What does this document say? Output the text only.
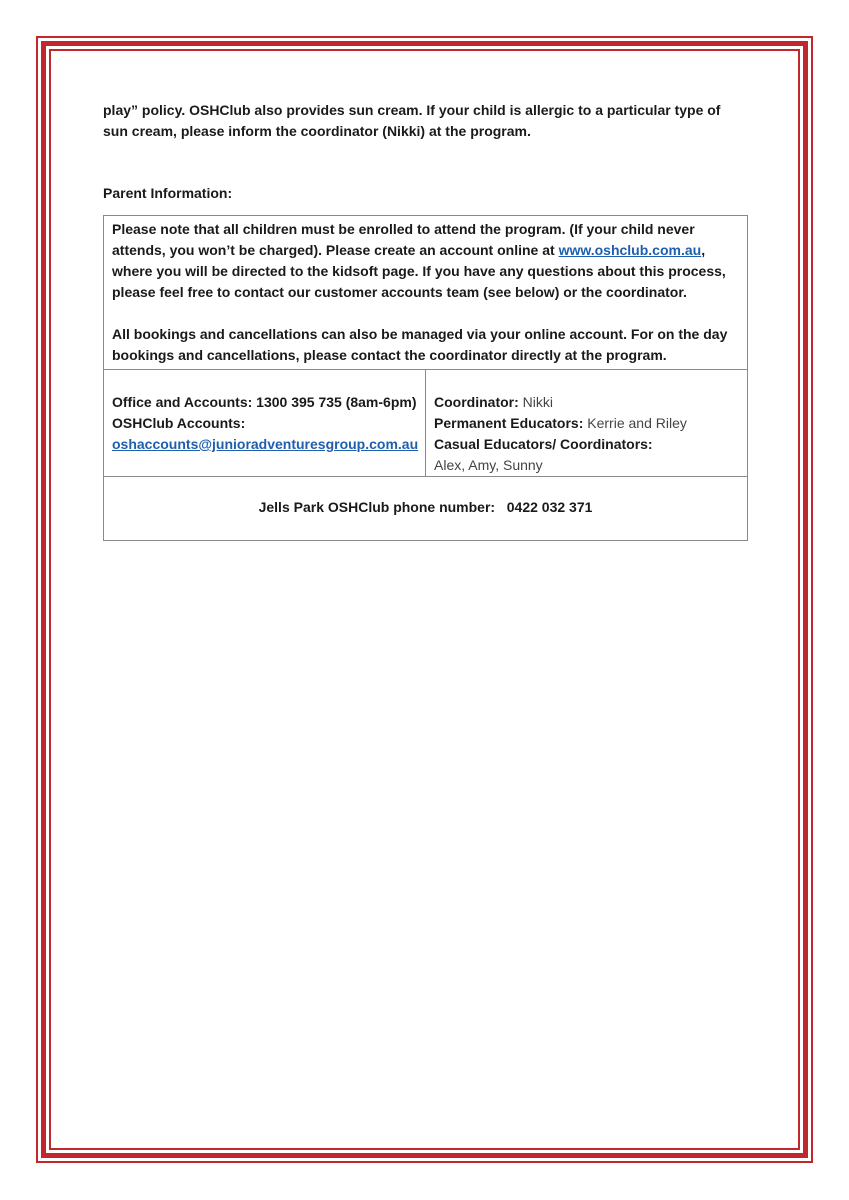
play” policy. OSHClub also provides sun cream. If your child is allergic to a particular type of sun cream, please inform the coordinator (Nikki) at the program.

Parent Information:

Please note that all children must be enrolled to attend the program. (If your child never attends, you won’t be charged). Please create an account online at www.oshclub.com.au, where you will be directed to the kidsoft page. If you have any questions about this process, please feel free to contact our customer accounts team (see below) or the coordinator.

All bookings and cancellations can also be managed via your online account. For on the day bookings and cancellations, please contact the coordinator directly at the program.

Office and Accounts: 1300 395 735 (8am-6pm)
OSHClub Accounts:
oshaccounts@junioradventuresgroup.com.au

Coordinator: Nikki
Permanent Educators: Kerrie and Riley
Casual Educators/ Coordinators:
Alex, Amy, Sunny

Jells Park OSHClub phone number: 0422 032 371
